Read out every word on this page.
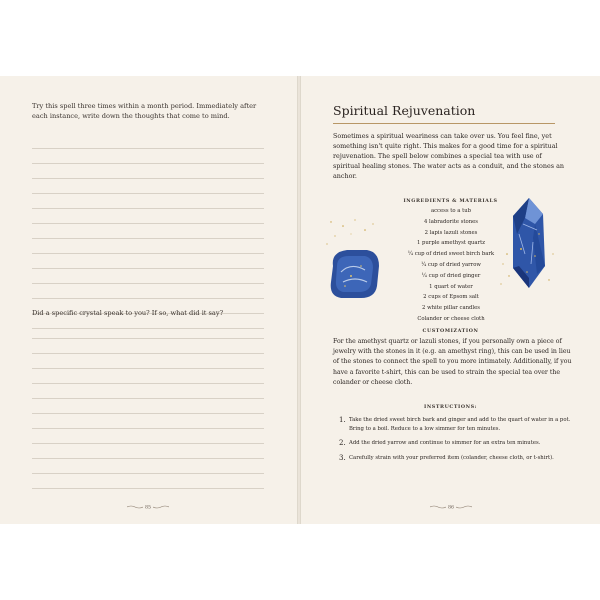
Try this spell three times within a month period. Immediately after each instance, write down the thoughts that come to mind.

Did a specific crystal speak to you? If so, what did it say?

85
Spiritual Rejuvenation

Sometimes a spiritual weariness can take over us. You feel fine, yet something isn't quite right. This makes for a good time for a spiritual rejuvenation. The spell below combines a special tea with use of spiritual healing stones. The water acts as a conduit, and the stones an anchor.

INGREDIENTS & MATERIALS
access to a tub
4 labradorite stones
2 lapis lazuli stones
1 purple amethyst quartz
¼ cup of dried sweet birch bark
¼ cup of dried yarrow
¼ cup of dried ginger
1 quart of water
2 cups of Epsom salt
2 white pillar candles
Colander or cheese cloth
CUSTOMIZATION

For the amethyst quartz or lazuli stones, if you personally own a piece of jewelry with the stones in it (e.g. an amethyst ring), this can be used in lieu of the stones to connect the spell to you more intimately. Additionally, if you have a favorite t-shirt, this can be used to strain the special tea over the colander or cheese cloth.

INSTRUCTIONS:
1. Take the dried sweet birch bark and ginger and add to the quart of water in a pot. Bring to a boil. Reduce to a low simmer for ten minutes.
2. Add the dried yarrow and continue to simmer for an extra ten minutes.
3. Carefully strain with your preferred item (colander, cheese cloth, or t-shirt).
86
